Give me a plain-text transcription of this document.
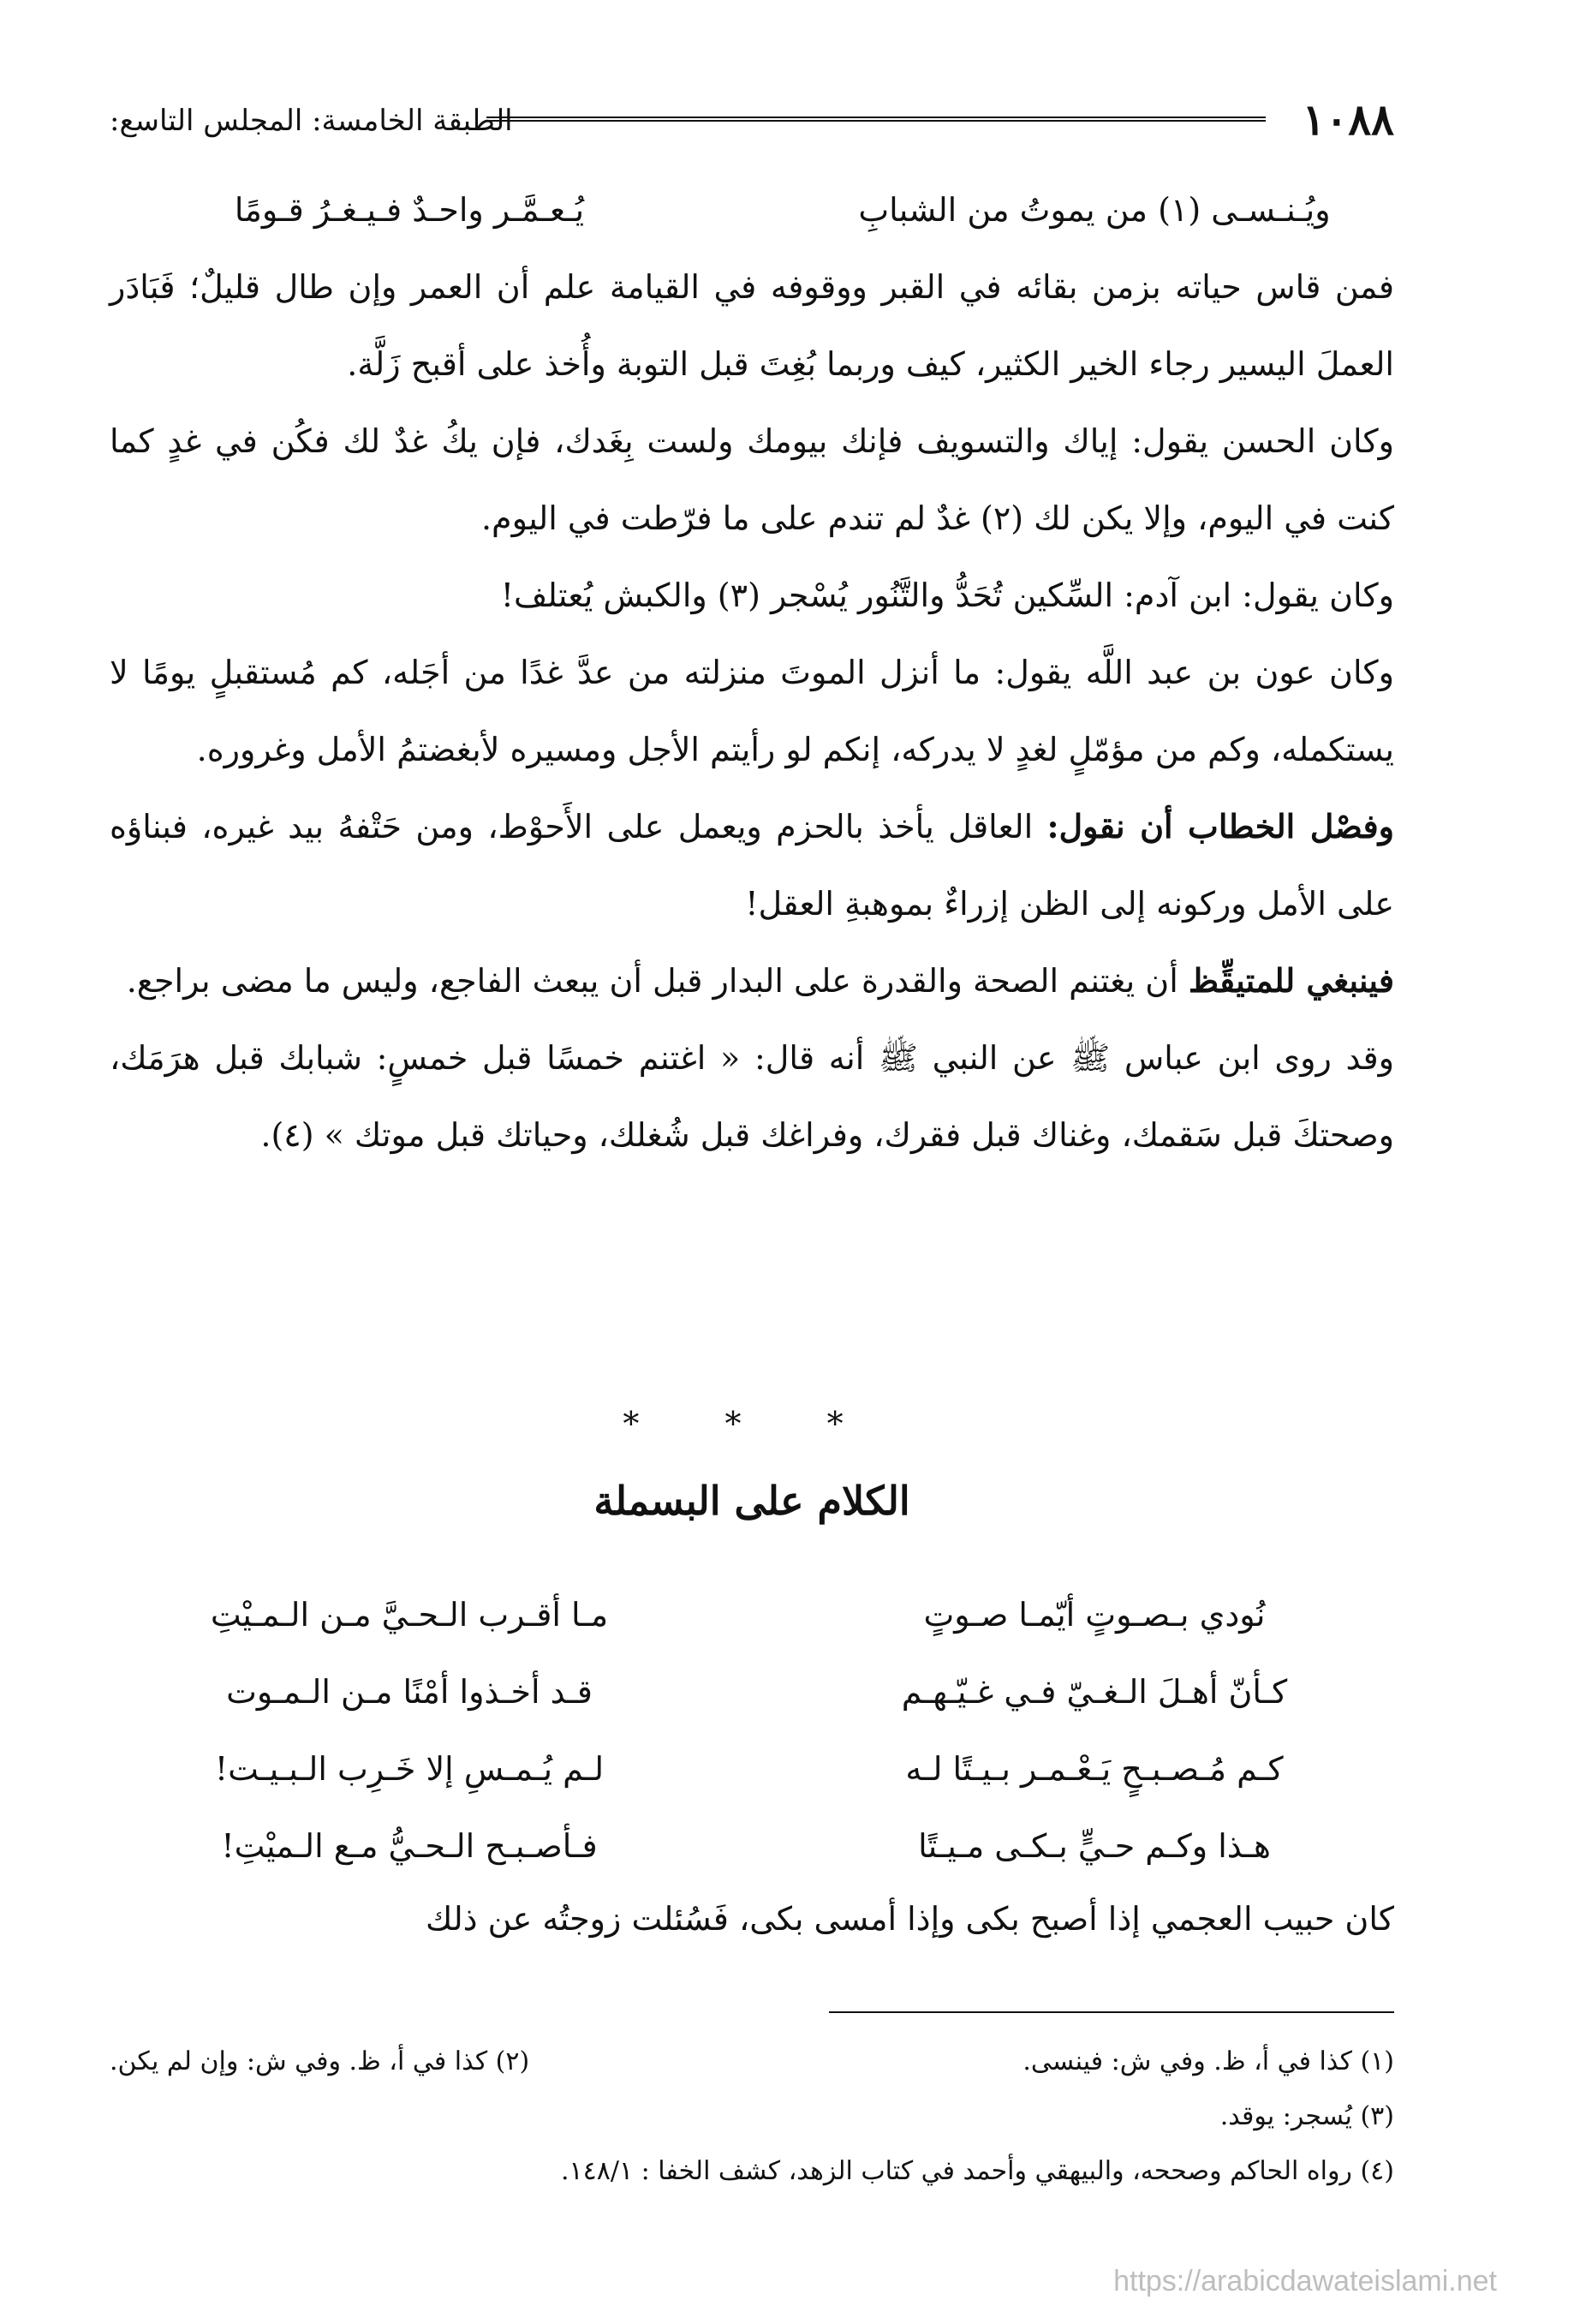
١٠٨٨
الطبقة الخامسة: المجلس التاسع:
ويُـنـسـى (١) من يموتُ من الشبابِ
يُـعـمَّـر واحـدٌ فـيـغـرُ قـومًا

فمن قاس حياته بزمن بقائه في القبر ووقوفه في القيامة علم أن العمر وإن طال قليلٌ؛ فَبَادَر العملَ اليسير رجاء الخير الكثير، كيف وربما بُغِتَ قبل التوبة وأُخذ على أقبح زَلَّة.

وكان الحسن يقول: إياك والتسويف فإنك بيومك ولست بِغَدك، فإن يكُ غدٌ لك فكُن في غدٍ كما كنت في اليوم، وإلا يكن لك (٢) غدٌ لم تندم على ما فرّطت في اليوم.

وكان يقول: ابن آدم: السِّكين تُحَدُّ والتَّنُور يُسْجر (٣) والكبش يُعتلف!

وكان عون بن عبد اللَّه يقول: ما أنزل الموتَ منزلته من عدَّ غدًا من أجَله، كم مُستقبلٍ يومًا لا يستكمله، وكم من مؤمّلٍ لغدٍ لا يدركه، إنكم لو رأيتم الأجل ومسيره لأبغضتمُ الأمل وغروره.

وفصْل الخطاب أن نقول: العاقل يأخذ بالحزم ويعمل على الأَحوْط، ومن حَتْفهُ بيد غيره، فبناؤه على الأمل وركونه إلى الظن إزراءٌ بموهبةِ العقل!

فينبغي للمتيقِّظ أن يغتنم الصحة والقدرة على البدار قبل أن يبعث الفاجع، وليس ما مضى براجع.

وقد روى ابن عباس ﷺ عن النبي ﷺ أنه قال: « اغتنم خمسًا قبل خمسٍ: شبابك قبل هرَمَك، وصحتكَ قبل سَقمك، وغناك قبل فقرك، وفراغك قبل شُغلك، وحياتك قبل موتك » (٤).

* * *
الكلام على البسملة
نُودي بـصـوتٍ أيّمـا صـوتٍ
مـا أقـرب الـحـيَّ مـن الـمـيْتِ
كـأنّ أهـلَ الـغـيّ فـي غـيّـهـم
قـد أخـذوا أمْنًا مـن الـمـوت
كـم مُـصـبـحٍ يَـعْـمـر بـيـتًا لـه
لـم يُـمـسِ إلا خَـرِب الـبـيـت!
هـذا وكـم حـيٍّ بـكـى مـيـتًا
فـأصـبـح الـحـيُّ مـع الـميْتِ!
كان حبيب العجمي إذا أصبح بكى وإذا أمسى بكى، فَسُئلت زوجتُه عن ذلك
(١) كذا في أ، ظ. وفي ش: فينسى.
(٢) كذا في أ، ظ. وفي ش: وإن لم يكن.
(٣) يُسجر: يوقد.
(٤) رواه الحاكم وصححه، والبيهقي وأحمد في كتاب الزهد، كشف الخفا : ١٤٨/١.
https://arabicdawateislami.net
